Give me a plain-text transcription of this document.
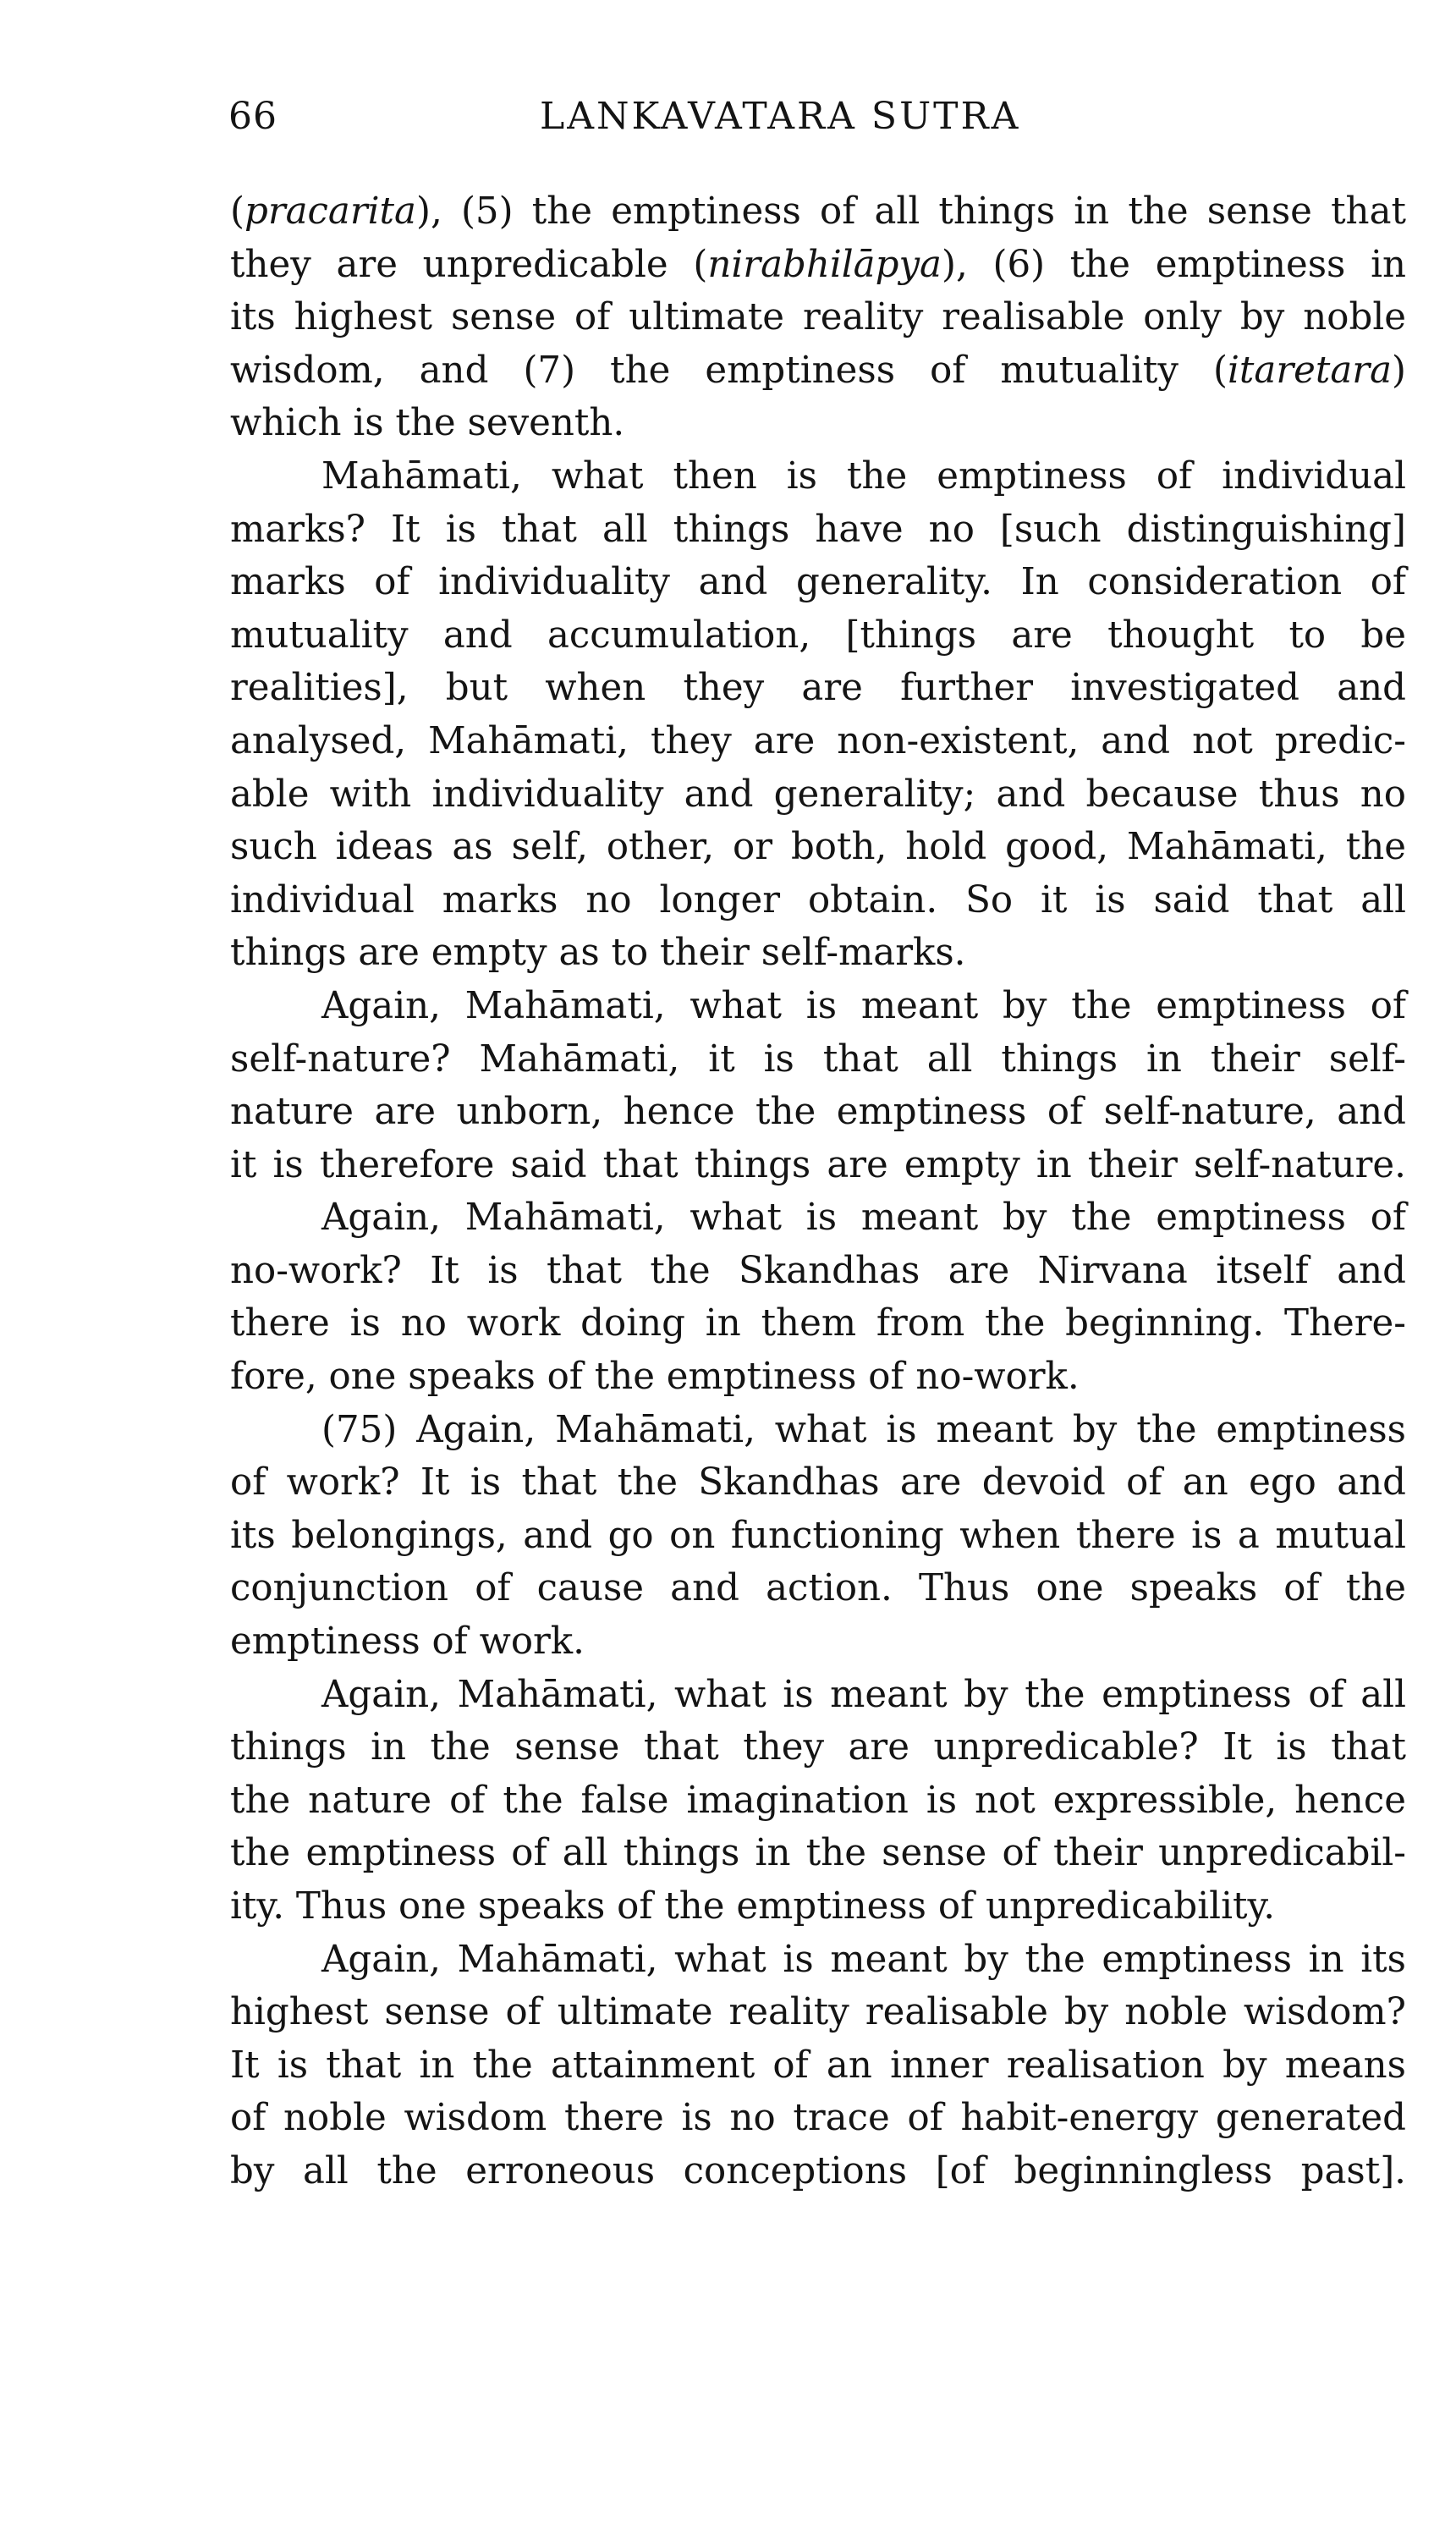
66	LANKAVATARA SUTRA
(pracarita), (5) the emptiness of all things in the sense that
they are unpredicable (nirabhilāpya), (6) the emptiness in
its highest sense of ultimate reality realisable only by noble
wisdom, and (7) the emptiness of mutuality (itaretara)
which is the seventh.
Mahāmati, what then is the emptiness of individual
marks? It is that all things have no [such distinguishing]
marks of individuality and generality. In consideration of
mutuality and accumulation, [things are thought to be
realities], but when they are further investigated and
analysed, Mahāmati, they are non-existent, and not predic-
able with individuality and generality; and because thus no
such ideas as self, other, or both, hold good, Mahāmati, the
individual marks no longer obtain. So it is said that all
things are empty as to their self-marks.
Again, Mahāmati, what is meant by the emptiness of
self-nature? Mahāmati, it is that all things in their self-
nature are unborn, hence the emptiness of self-nature, and
it is therefore said that things are empty in their self-nature.
Again, Mahāmati, what is meant by the emptiness of
no-work? It is that the Skandhas are Nirvana itself and
there is no work doing in them from the beginning. There-
fore, one speaks of the emptiness of no-work.
(75) Again, Mahāmati, what is meant by the emptiness
of work? It is that the Skandhas are devoid of an ego and
its belongings, and go on functioning when there is a mutual
conjunction of cause and action. Thus one speaks of the
emptiness of work.
Again, Mahāmati, what is meant by the emptiness of all
things in the sense that they are unpredicable? It is that
the nature of the false imagination is not expressible, hence
the emptiness of all things in the sense of their unpredicabil-
ity. Thus one speaks of the emptiness of unpredicability.
Again, Mahāmati, what is meant by the emptiness in its
highest sense of ultimate reality realisable by noble wisdom?
It is that in the attainment of an inner realisation by means
of noble wisdom there is no trace of habit-energy generated
by all the erroneous conceptions [of beginningless past].
